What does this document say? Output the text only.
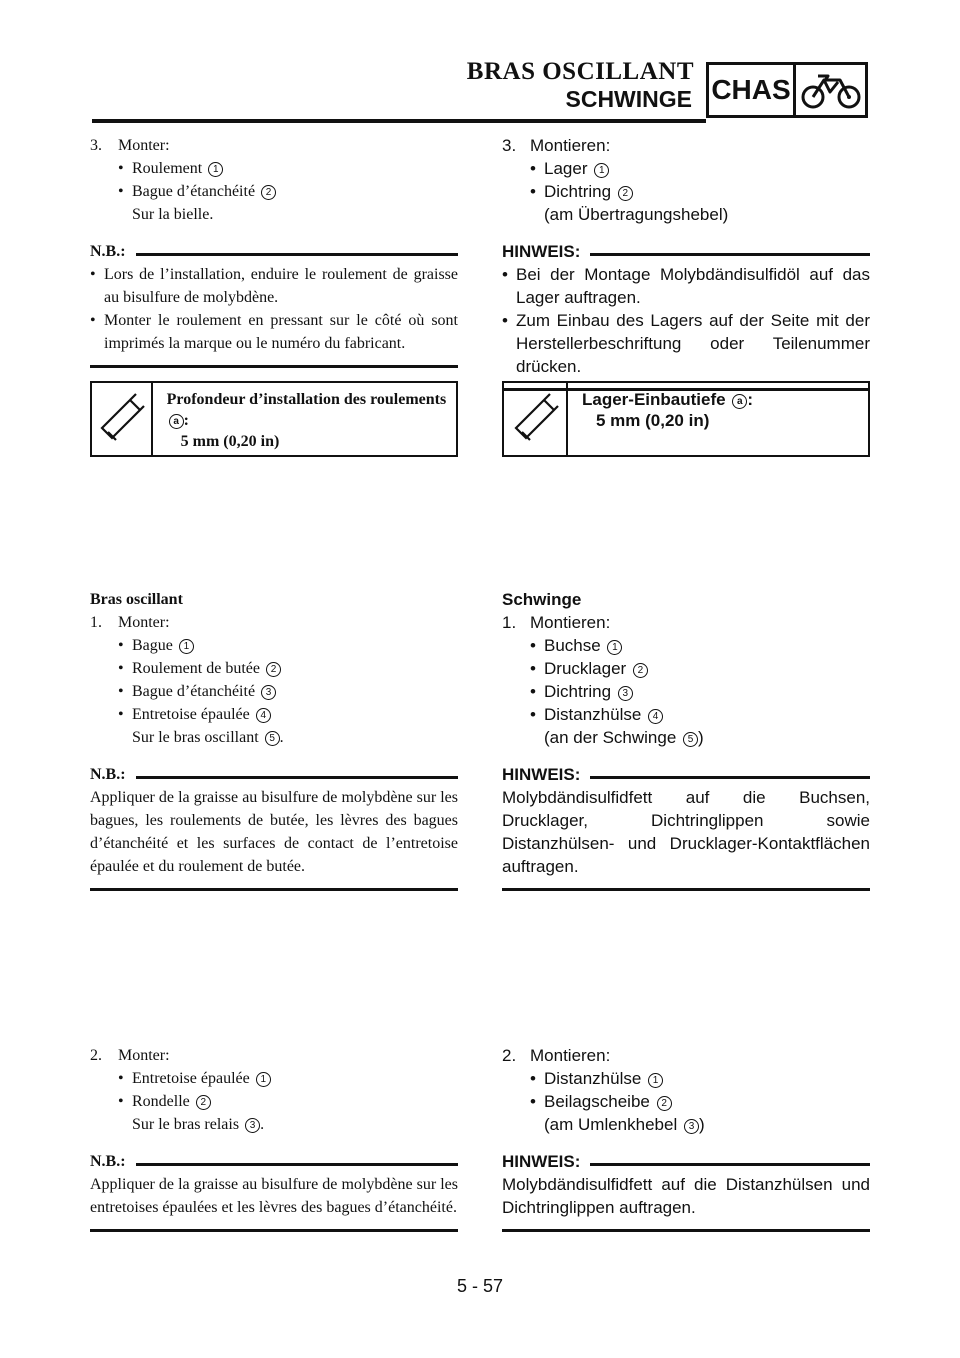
BRAS OSCILLANT
SCHWINGE CHAS
3.	Monter:
• Roulement 1
• Bague d’étanchéité 2
Sur la bielle.
N.B.:
• Lors de l’installation, enduire le roulement de graisse au bisulfure de molybdène.
• Monter le roulement en pressant sur le côté où sont imprimés la marque ou le numéro du fabricant.
Profondeur d’installation des roulements a :
5 mm (0,20 in)
3. Montieren:
• Lager 1
• Dichtring 2
(am Übertragungshebel)
HINWEIS:
• Bei der Montage Molybdändisulfidöl auf das Lager auftragen.
• Zum Einbau des Lagers auf der Seite mit der Herstellerbeschriftung oder Teilenummer drücken.
Lager-Einbautiefe a :
5 mm (0,20 in)
Bras oscillant
1.	Monter:
• Bague 1
• Roulement de butée 2
• Bague d’étanchéité 3
• Entretoise épaulée 4
Sur le bras oscillant 5 .
N.B.:
Appliquer de la graisse au bisulfure de molybdène sur les bagues, les roulements de butée, les lèvres des bagues d’étanchéité et les surfaces de contact de l’entretoise épaulée et du roulement de butée.
Schwinge
1. Montieren:
• Buchse 1
• Drucklager 2
• Dichtring 3
• Distanzhülse 4
(an der Schwinge 5 )
HINWEIS:
Molybdändisulfidfett auf die Buchsen, Drucklager, Dichtringlippen sowie Distanzhülsen- und Drucklager-Kontaktflächen auftragen.
2.	Monter:
• Entretoise épaulée 1
• Rondelle 2
Sur le bras relais 3 .
N.B.:
Appliquer de la graisse au bisulfure de molybdène sur les entretoises épaulées et les lèvres des bagues d’étanchéité.
2. Montieren:
• Distanzhülse 1
• Beilagscheibe 2
(am Umlenkhebel 3 )
HINWEIS:
Molybdändisulfidfett auf die Distanzhülsen und Dichtringlippen auftragen.
5 - 57
